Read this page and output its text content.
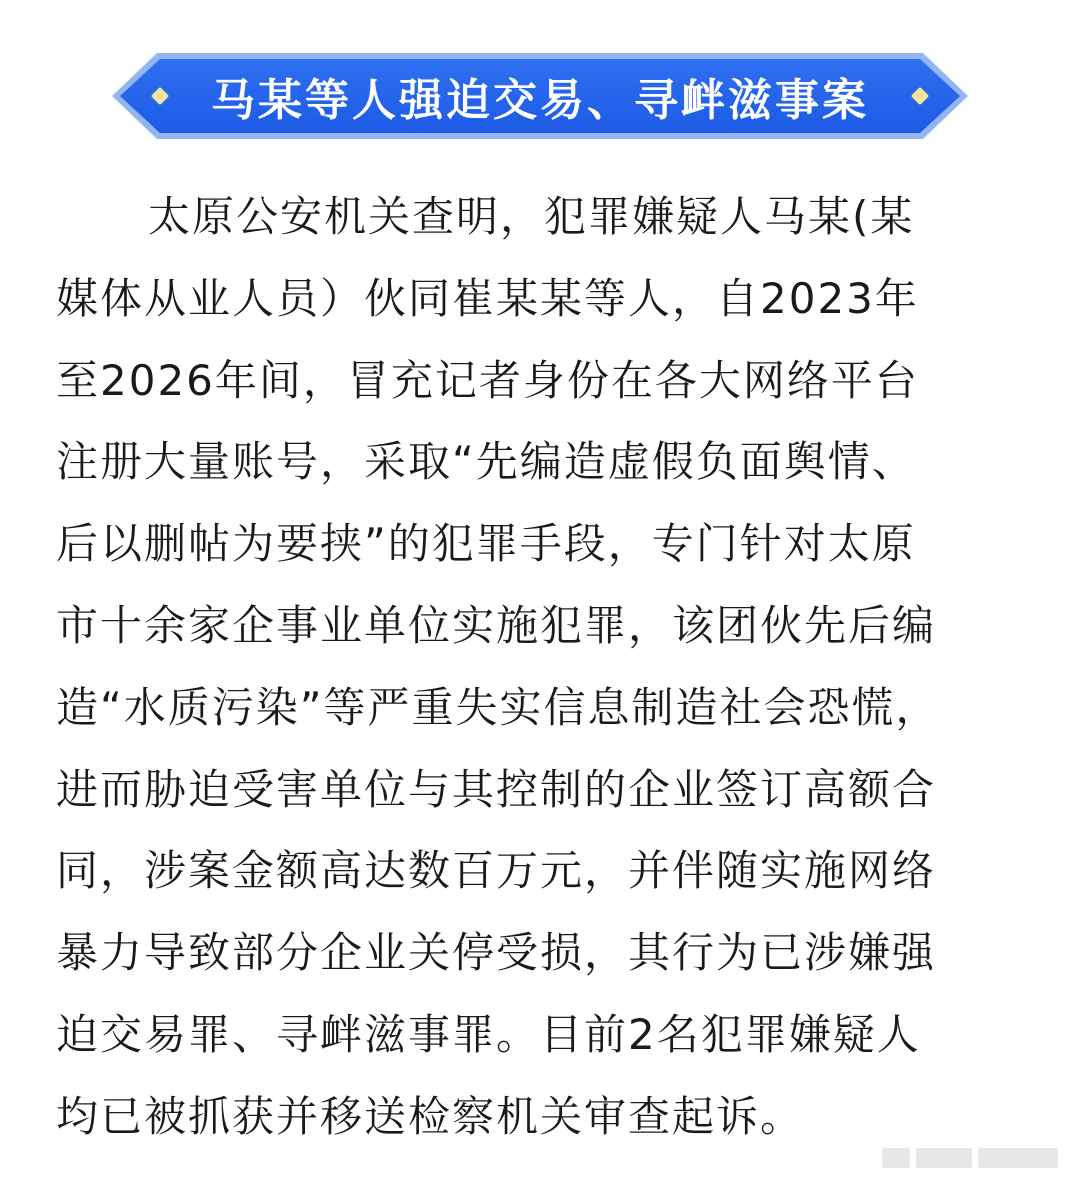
马某等人强迫交易、寻衅滋事案
太原公安机关查明，犯罪嫌疑人马某(某
媒体从业人员）伙同崔某某等人，自2023年
至2026年间，冒充记者身份在各大网络平台
注册大量账号，采取“先编造虚假负面舆情、
后以删帖为要挟”的犯罪手段，专门针对太原
市十余家企事业单位实施犯罪，该团伙先后编
造“水质污染”等严重失实信息制造社会恐慌，
进而胁迫受害单位与其控制的企业签订高额合
同，涉案金额高达数百万元，并伴随实施网络
暴力导致部分企业关停受损，其行为已涉嫌强
迫交易罪、寻衅滋事罪。目前2名犯罪嫌疑人
均已被抓获并移送检察机关审查起诉。
